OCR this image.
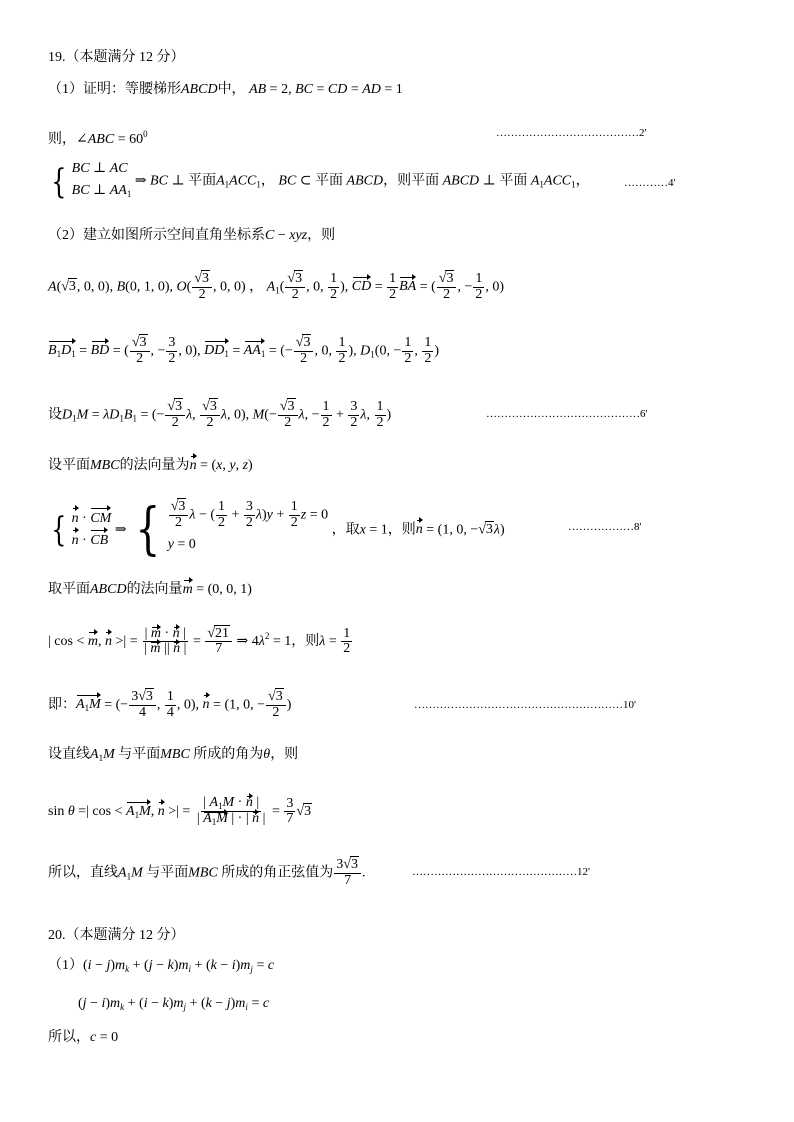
19.（本题满分 12 分）
（1）证明：等腰梯形ABCD中， AB = 2, BC = CD = AD = 1
则，∠ABC = $60^0$	…………………………………2'
{ BC ⊥ AC
BC ⊥ $AA_1$
⇒ BC ⊥ 平面$A_1ACC_1$， BC ⊂ 平面 ABCD，则平面 ABCD ⊥ 平面 $A_1ACC_1$，	…………4'
（2）建立如图所示空间直角坐标系C − xyz，则
A(√3, 0, 0), B(0, 1, 0), $O( \frac{√3}{2}$ , 0, 0) ， $A_1( \frac{√3}{2}$ , 0, $\frac{1}{2}$ ), CD = $\frac{1}{2}$ BA = ( $\frac{√3}{2}$ , − $\frac{1}{2}$ , 0)
$B_1D_1$ = BD = ( $\frac{√3}{2}$ , − $\frac{3}{2}$ , 0), $DD_1 = AA_1$ = (− $\frac{√3}{2}$ , 0, $\frac{1}{2}$ ), $D_1(0$, − $\frac{1}{2}$ , $\frac{1}{2}$ )
设$D_1M = \lambda D_1B_1$ = (− $\frac{√3}{2} \lambda$, $\frac{√3}{2} \lambda$, 0), $M(- \frac{√3}{2} \lambda$, − $\frac{1}{2} + \frac{3}{2} \lambda$, $\frac{1}{2}$ )	……………………………………6'
设平面MBC的法向量为n = (x, y, z)
{ n · CM
n · CB
⇒ { $\frac{√3}{2}$ λ − ( $\frac{1}{2} + \frac{3}{2} \lambda)y + \frac{1}{2}$ z = 0
y = 0
，取x = 1，则n = (1, 0, −√3λ)	………………8'
取平面ABCD的法向量m = (0, 0, 1)
| cos < m, n >| = $\frac{| m \cdot n |}{| m || n |} = \frac{√21}{7}$ ⇒ $4\lambda^2 = 1$，则$\lambda = \frac{1}{2}$
即：$A_1M$ = (− $\frac{3√3}{4}$ , $\frac{1}{4}$ , 0), n = (1, 0, − $\frac{√3}{2}$ )	…………………………………………………10'
设直线$A_1M$ 与平面MBC 所成的角为θ，则
sin θ =| $\cos < A_1M$, n >| = $\frac{| A_1M \cdot n |}{| A_1M | \cdot | n |} = \frac{3}{7} √3$
所以，直线$A_1M$ 与平面MBC 所成的角正弦值为 $\frac{3√3}{7}$ .	………………………………………12'
20.（本题满分 12 分）
$(1)(i - j)m_k + (j - k)m_i + (k - i)m_j = c$
$(j - i)m_k + (i - k)m_j + (k - j)m_i = c$
所以，c = 0
